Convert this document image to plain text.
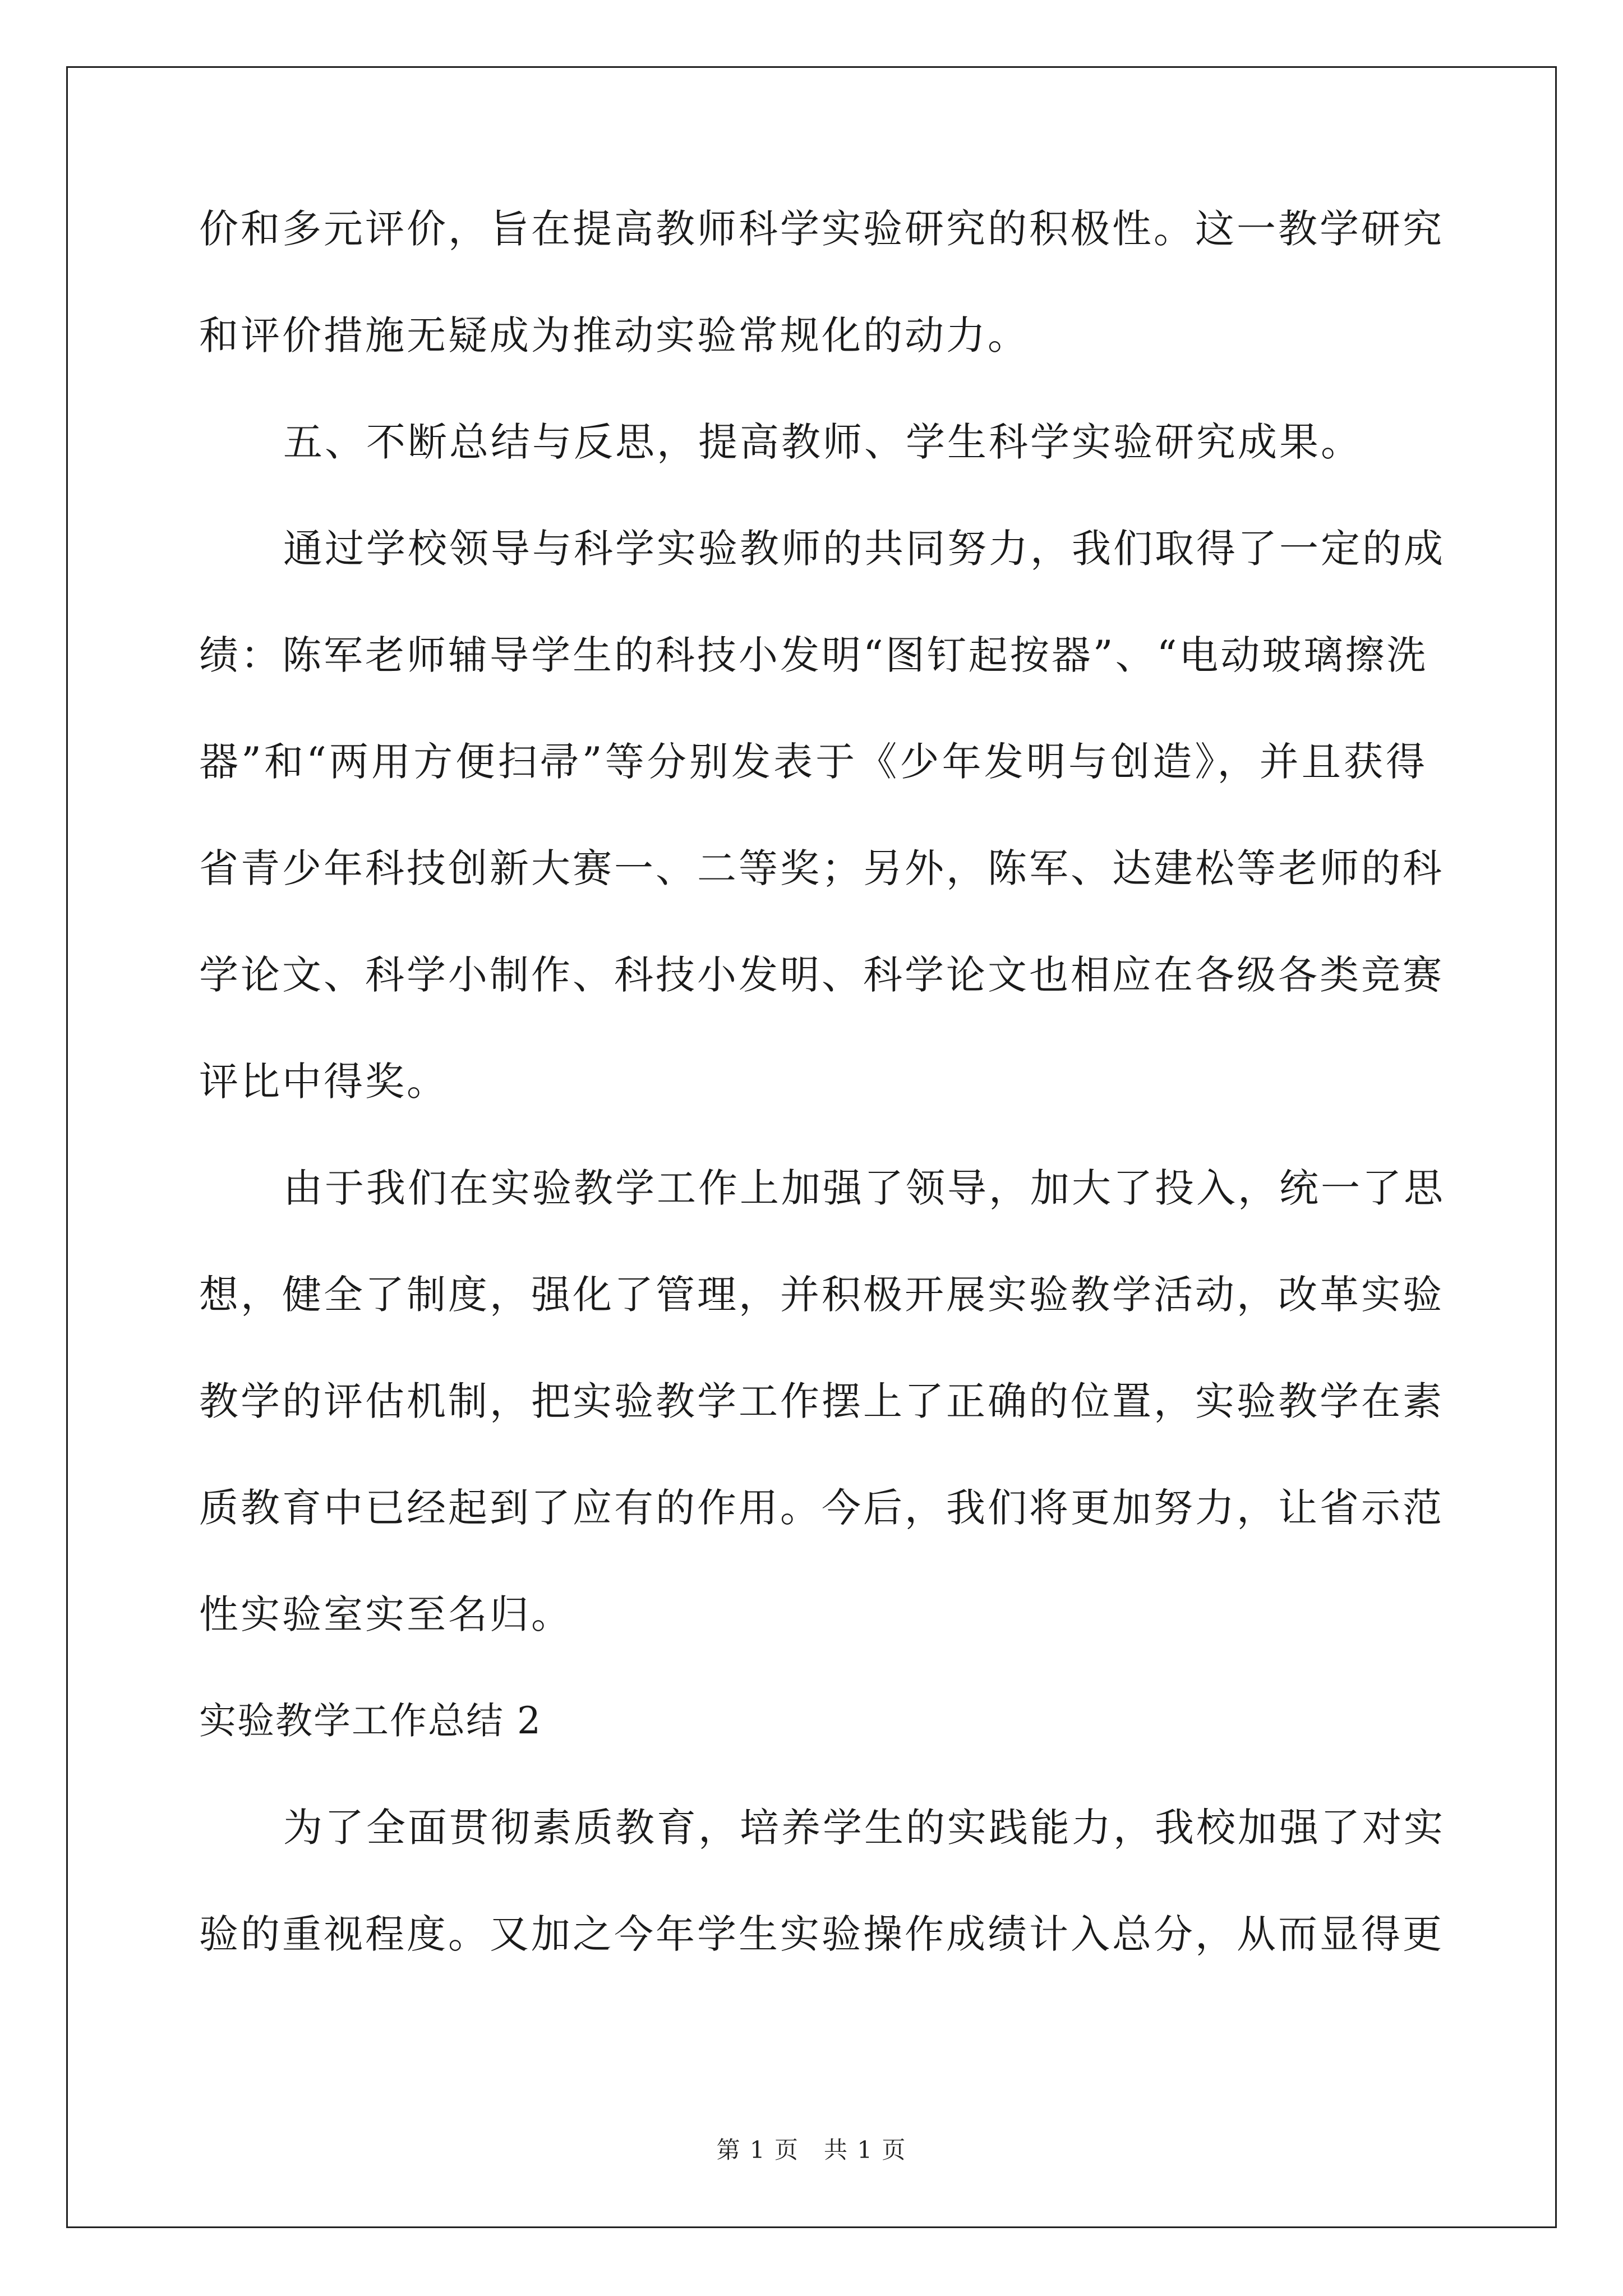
价和多元评价，旨在提高教师科学实验研究的积极性。这一教学研究

和评价措施无疑成为推动实验常规化的动力。

五、不断总结与反思，提高教师、学生科学实验研究成果。

通过学校领导与科学实验教师的共同努力，我们取得了一定的成

绩：陈军老师辅导学生的科技小发明“图钉起按器”、“电动玻璃擦洗

器”和“两用方便扫帚”等分别发表于《少年发明与创造》，并且获得

省青少年科技创新大赛一、二等奖；另外，陈军、达建松等老师的科

学论文、科学小制作、科技小发明、科学论文也相应在各级各类竞赛

评比中得奖。

由于我们在实验教学工作上加强了领导，加大了投入，统一了思

想，健全了制度，强化了管理，并积极开展实验教学活动，改革实验

教学的评估机制，把实验教学工作摆上了正确的位置，实验教学在素

质教育中已经起到了应有的作用。今后，我们将更加努力，让省示范

性实验室实至名归。

实验教学工作总结 2

为了全面贯彻素质教育，培养学生的实践能力，我校加强了对实

验的重视程度。又加之今年学生实验操作成绩计入总分，从而显得更

第 1 页　共 1 页
